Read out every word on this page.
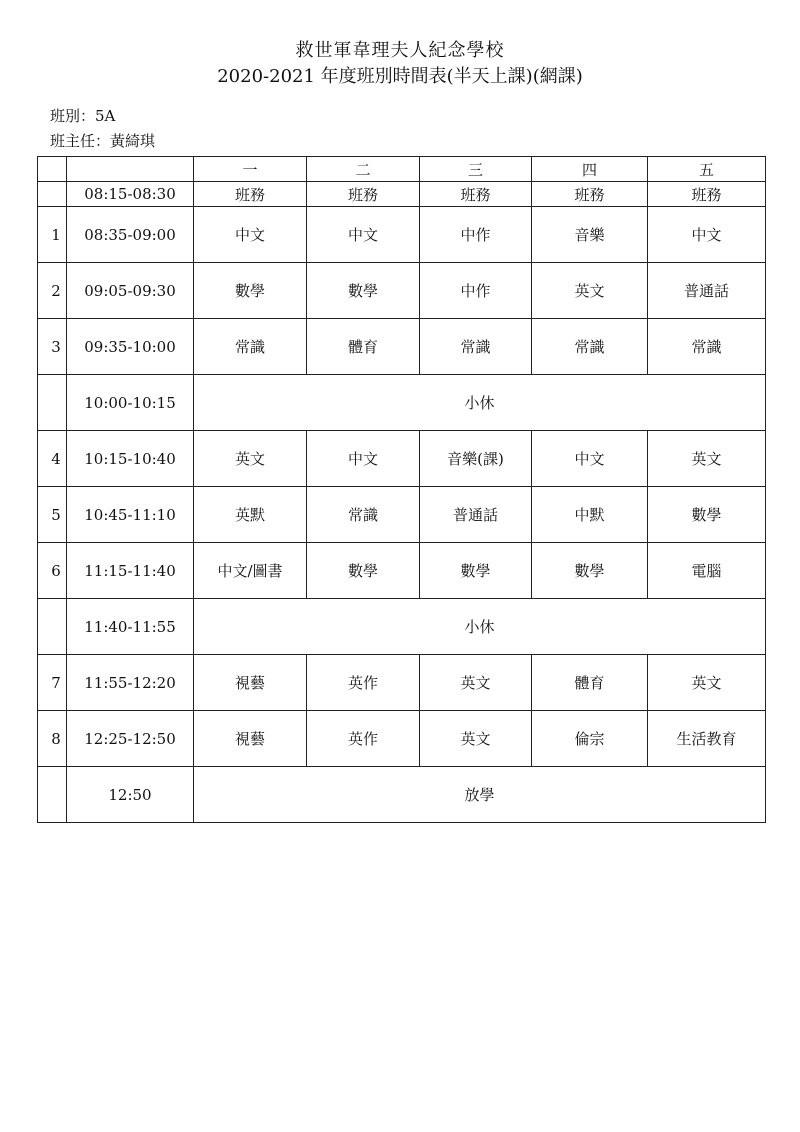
救世軍韋理夫人紀念學校
2020-2021 年度班別時間表(半天上課)(網課)
班別：5A
班主任：黃綺琪
		一	二	三	四	五
	08:15-08:30	班務	班務	班務	班務	班務
1	08:35-09:00	中文	中文	中作	音樂	中文
2	09:05-09:30	數學	數學	中作	英文	普通話
3	09:35-10:00	常識	體育	常識	常識	常識
	10:00-10:15	小休				
4	10:15-10:40	英文	中文	音樂(課)	中文	英文
5	10:45-11:10	英默	常識	普通話	中默	數學
6	11:15-11:40	中文/圖書	數學	數學	數學	電腦
	11:40-11:55	小休				
7	11:55-12:20	視藝	英作	英文	體育	英文
8	12:25-12:50	視藝	英作	英文	倫宗	生活教育
	12:50	放學				
